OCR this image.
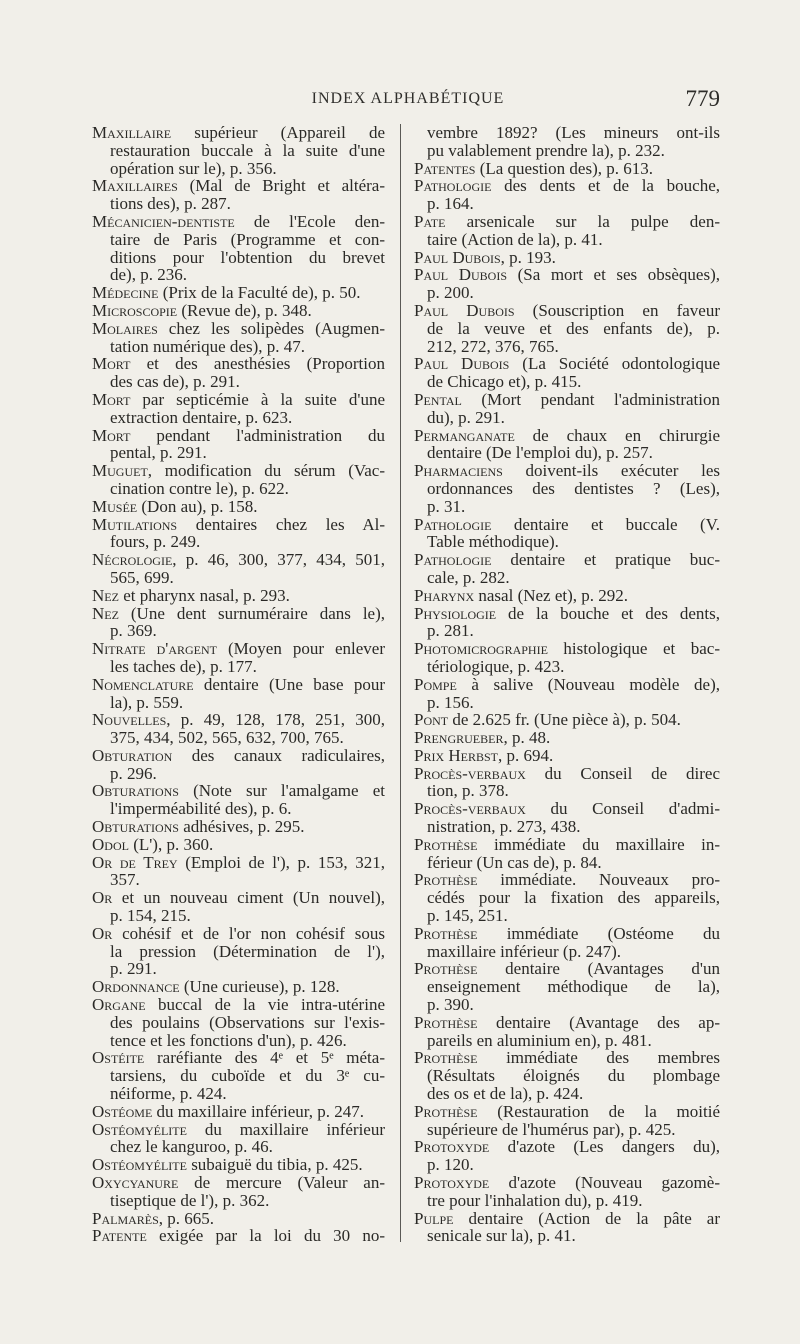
INDEX ALPHABÉTIQUE	779
Maxillaire supérieur (Appareil de
restauration buccale à la suite d'une
opération sur le), p. 356.
Maxillaires (Mal de Bright et altéra-
tions des), p. 287.
Mécanicien-dentiste de l'Ecole den-
taire de Paris (Programme et con-
ditions pour l'obtention du brevet
de), p. 236.
Médecine (Prix de la Faculté de), p. 50.
Microscopie (Revue de), p. 348.
Molaires chez les solipèdes (Augmen-
tation numérique des), p. 47.
Mort et des anesthésies (Proportion
des cas de), p. 291.
Mort par septicémie à la suite d'une
extraction dentaire, p. 623.
Mort pendant l'administration du
pental, p. 291.
Muguet, modification du sérum (Vac-
cination contre le), p. 622.
Musée (Don au), p. 158.
Mutilations dentaires chez les Al-
fours, p. 249.
Nécrologie, p. 46, 300, 377, 434, 501,
565, 699.
Nez et pharynx nasal, p. 293.
Nez (Une dent surnuméraire dans le),
p. 369.
Nitrate d'argent (Moyen pour enlever
les taches de), p. 177.
Nomenclature dentaire (Une base pour
la), p. 559.
Nouvelles, p. 49, 128, 178, 251, 300,
375, 434, 502, 565, 632, 700, 765.
Obturation des canaux radiculaires,
p. 296.
Obturations (Note sur l'amalgame et
l'imperméabilité des), p. 6.
Obturations adhésives, p. 295.
Odol (L'), p. 360.
Or de Trey (Emploi de l'), p. 153, 321,
357.
Or et un nouveau ciment (Un nouvel),
p. 154, 215.
Or cohésif et de l'or non cohésif sous
la pression (Détermination de l'),
p. 291.
Ordonnance (Une curieuse), p. 128.
Organe buccal de la vie intra-utérine
des poulains (Observations sur l'exis-
tence et les fonctions d'un), p. 426.
Ostéite raréfiante des 4ᵉ et 5ᵉ méta-
tarsiens, du cuboïde et du 3ᵉ cu-
néiforme, p. 424.
Ostéome du maxillaire inférieur, p. 247.
Ostéomyélite du maxillaire inférieur
chez le kanguroo, p. 46.
Ostéomyélite subaiguë du tibia, p. 425.
Oxycyanure de mercure (Valeur an-
tiseptique de l'), p. 362.
Palmarès, p. 665.
Patente exigée par la loi du 30 no-
vembre 1892? (Les mineurs ont-ils
pu valablement prendre la), p. 232.
Patentes (La question des), p. 613.
Pathologie des dents et de la bouche,
p. 164.
Pate arsenicale sur la pulpe den-
taire (Action de la), p. 41.
Paul Dubois, p. 193.
Paul Dubois (Sa mort et ses obsèques),
p. 200.
Paul Dubois (Souscription en faveur
de la veuve et des enfants de), p.
212, 272, 376, 765.
Paul Dubois (La Société odontologique
de Chicago et), p. 415.
Pental (Mort pendant l'administration
du), p. 291.
Permanganate de chaux en chirurgie
dentaire (De l'emploi du), p. 257.
Pharmaciens doivent-ils exécuter les
ordonnances des dentistes ? (Les),
p. 31.
Pathologie dentaire et buccale (V.
Table méthodique).
Pathologie dentaire et pratique buc-
cale, p. 282.
Pharynx nasal (Nez et), p. 292.
Physiologie de la bouche et des dents,
p. 281.
Photomicrographie histologique et bac-
tériologique, p. 423.
Pompe à salive (Nouveau modèle de),
p. 156.
Pont de 2.625 fr. (Une pièce à), p. 504.
Prengrueber, p. 48.
Prix Herbst, p. 694.
Procès-verbaux du Conseil de direc
tion, p. 378.
Procès-verbaux du Conseil d'admi-
nistration, p. 273, 438.
Prothèse immédiate du maxillaire in-
férieur (Un cas de), p. 84.
Prothèse immédiate. Nouveaux pro-
cédés pour la fixation des appareils,
p. 145, 251.
Prothèse immédiate (Ostéome du
maxillaire inférieur (p. 247).
Prothèse dentaire (Avantages d'un
enseignement méthodique de la),
p. 390.
Prothèse dentaire (Avantage des ap-
pareils en aluminium en), p. 481.
Prothèse immédiate des membres
(Résultats éloignés du plombage
des os et de la), p. 424.
Prothèse (Restauration de la moitié
supérieure de l'humérus par), p. 425.
Protoxyde d'azote (Les dangers du),
p. 120.
Protoxyde d'azote (Nouveau gazomè-
tre pour l'inhalation du), p. 419.
Pulpe dentaire (Action de la pâte ar
senicale sur la), p. 41.
